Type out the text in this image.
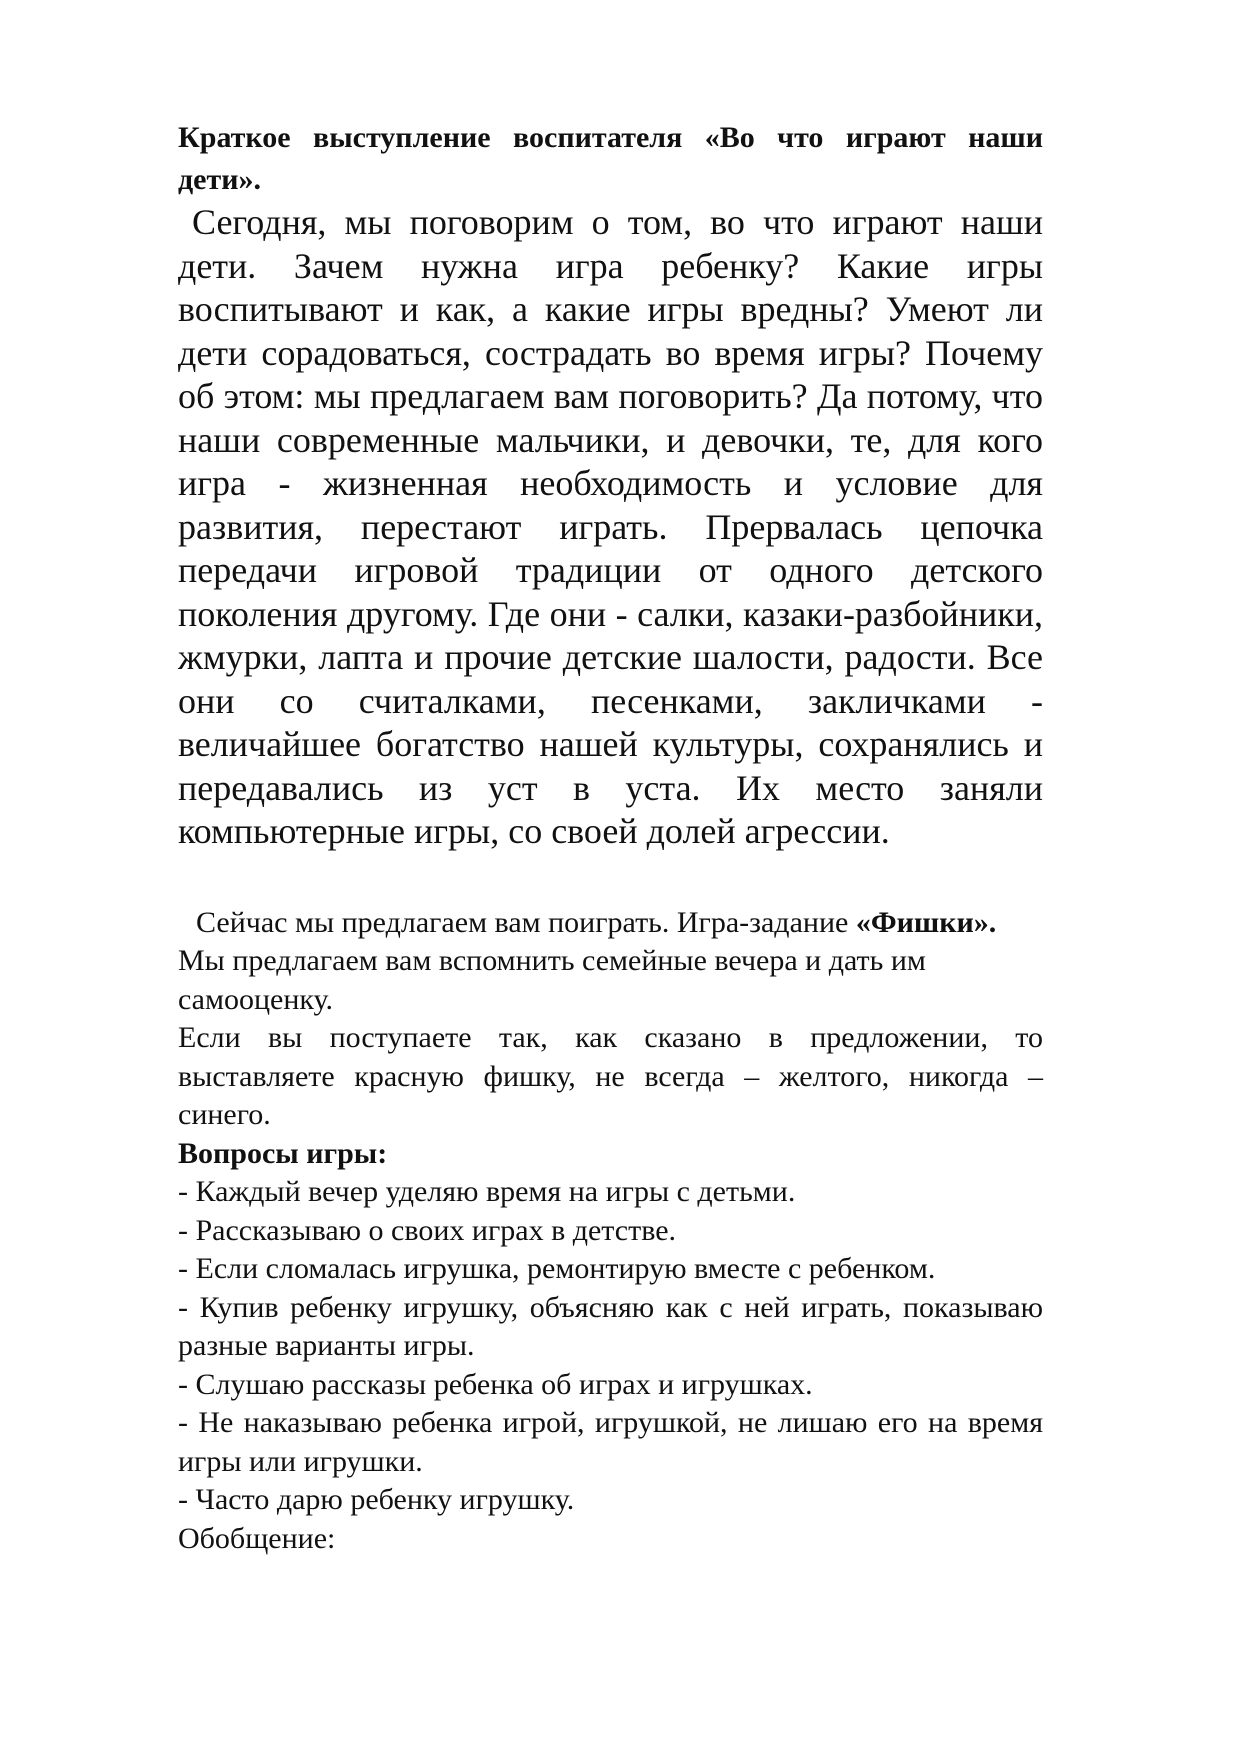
Краткое выступление воспитателя «Во что играют наши дети».

Сегодня, мы поговорим о том, во что играют наши дети. Зачем нужна игра ребенку? Какие игры воспитывают и как, а какие игры вредны? Умеют ли дети сорадоваться, сострадать во время игры? Почему об этом: мы предлагаем вам поговорить? Да потому, что наши современные мальчики, и девочки, те, для кого игра - жизненная необходимость и условие для развития, перестают играть. Прервалась цепочка передачи игровой традиции от одного детского поколения другому. Где они - салки, казаки-разбойники, жмурки, лапта и прочие детские шалости, радости. Все они со считалками, песенками, закличками - величайшее богатство нашей культуры, сохранялись и передавались из уст в уста. Их место заняли компьютерные игры, со своей долей агрессии.

Сейчас мы предлагаем вам поиграть. Игра-задание «Фишки».

Мы предлагаем вам вспомнить семейные вечера и дать им самооценку.

Если вы поступаете так, как сказано в предложении, то выставляете красную фишку, не всегда – желтого, никогда – синего.

Вопросы игры:

- Каждый вечер уделяю время на игры с детьми.

- Рассказываю о своих играх в детстве.

- Если сломалась игрушка, ремонтирую вместе с ребенком.

- Купив ребенку игрушку, объясняю как с ней играть, показываю разные варианты игры.

- Слушаю рассказы ребенка об играх и игрушках.

- Не наказываю ребенка игрой, игрушкой, не лишаю его на время игры или игрушки.

- Часто дарю ребенку игрушку.

Обобщение:
